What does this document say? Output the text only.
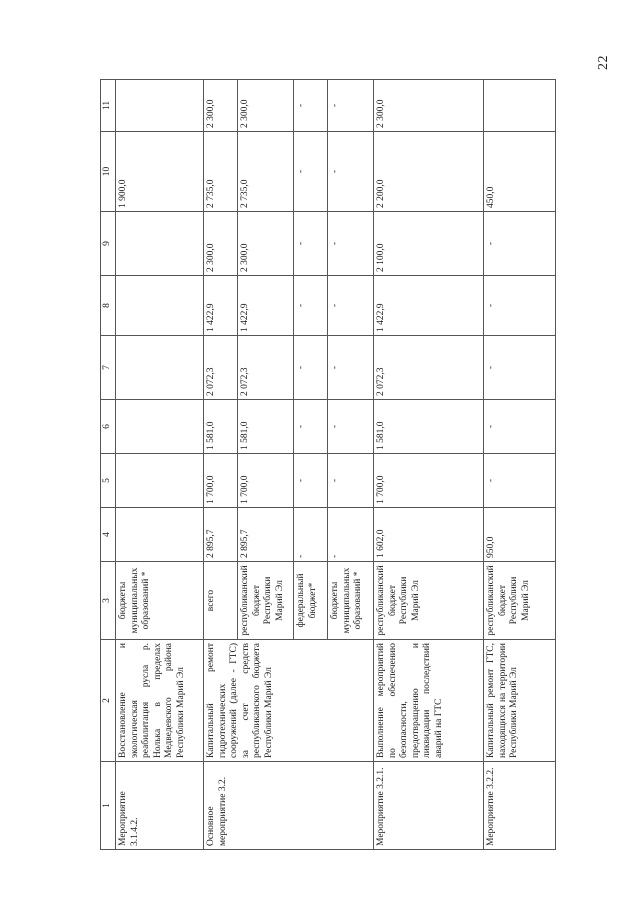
22
1	2	3	4	5	6	7	8	9	10	11
Мероприятие 3.1.4.2.	Восстановление и экологическая реабилитация русла р. Нолька в пределах Медведевского района Республики Марий Эл	бюджеты муниципальных образований *							1 900,0	
Основное мероприятие 3.2.	Капитальный ремонт гидротехнических сооружений (далее - ГТС) за счет средств республиканского бюджета Республики Марий Эл	всего	2 895,7	1 700,0	1 581,0	2 072,3	1 422,9	2 300,0	2 735,0	2 300,0
		республиканский бюджет Республики Марий Эл	2 895,7	1 700,0	1 581,0	2 072,3	1 422,9	2 300,0	2 735,0	2 300,0
		федеральный бюджет*	-	-	-	-	-	-	-	-
		бюджеты муниципальных образований *	-	-	-	-	-	-	-	-
Мероприятие 3.2.1.	Выполнение мероприятий по обеспечению безопасности, предотвращению и ликвидации последствий аварий на ГТС	республиканский бюджет Республики Марий Эл	1 602,0	1 700,0	1 581,0	2 072,3	1 422,9	2 100,0	2 200,0	2 300,0
Мероприятие 3.2.2.	Капитальный ремонт ГТС, находящихся на территории Республики Марий Эл	республиканский бюджет Республики Марий Эл	950,0	-	-	-	-	-	450,0	
